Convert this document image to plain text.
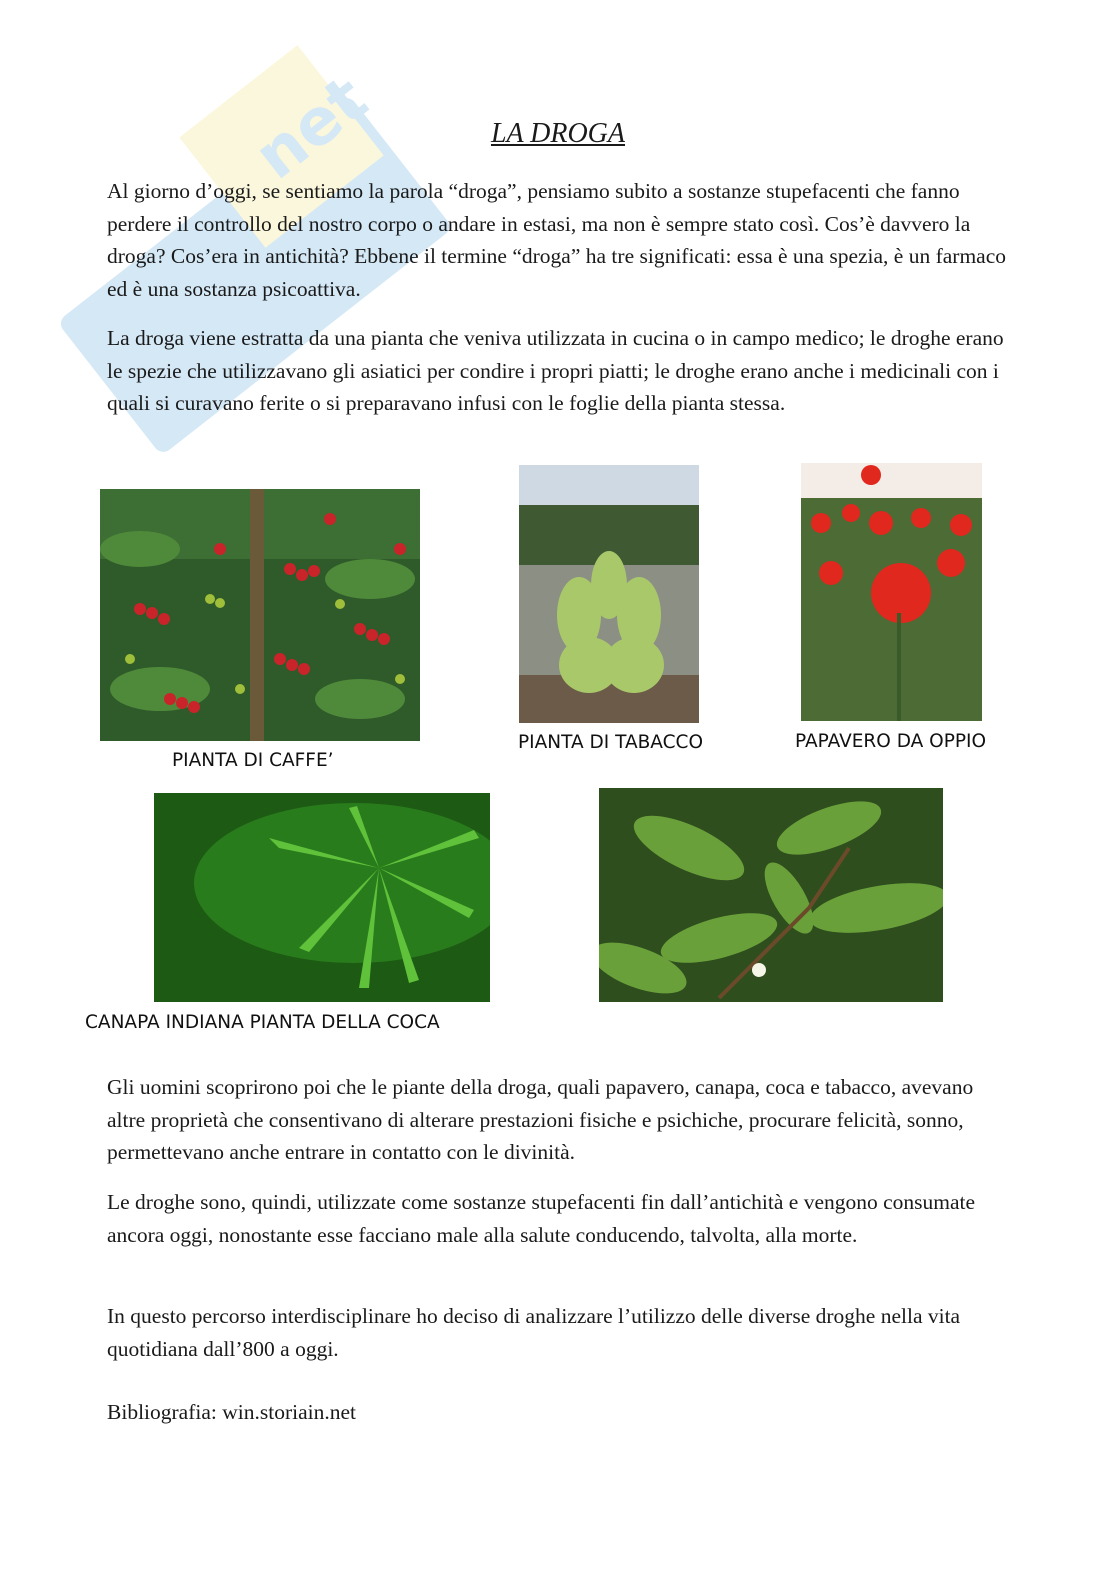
net	LA DROGA

Al giorno d’oggi, se sentiamo la parola “droga”, pensiamo subito a sostanze stupefacenti che fanno perdere il controllo del nostro corpo o andare in estasi, ma non è sempre stato così. Cos’è davvero la droga? Cos’era in antichità? Ebbene il termine “droga” ha tre significati: essa è una spezia, è un farmaco ed è una sostanza psicoattiva.

La droga viene estratta da una pianta che veniva utilizzata in cucina o in campo medico; le droghe erano le spezie che utilizzavano gli asiatici per condire i propri piatti; le droghe erano anche i medicinali con i quali si curavano ferite o si preparavano infusi con le foglie della pianta stessa.

PIANTA DI CAFFE’

PIANTA DI TABACCO	PAPAVERO DA OPPIO

CANAPA INDIANA PIANTA DELLA COCA

Gli uomini scoprirono poi che le piante della droga, quali papavero, canapa, coca e tabacco, avevano altre proprietà che consentivano di alterare prestazioni fisiche e psichiche, procurare felicità, sonno, permettevano anche entrare in contatto con le divinità.

Le droghe sono, quindi, utilizzate come sostanze stupefacenti fin dall’antichità e vengono consumate ancora oggi, nonostante esse facciano male alla salute conducendo, talvolta, alla morte.

In questo percorso interdisciplinare ho deciso di analizzare l’utilizzo delle diverse droghe nella vita quotidiana dall’800 a oggi.

Bibliografia: win.storiain.net
